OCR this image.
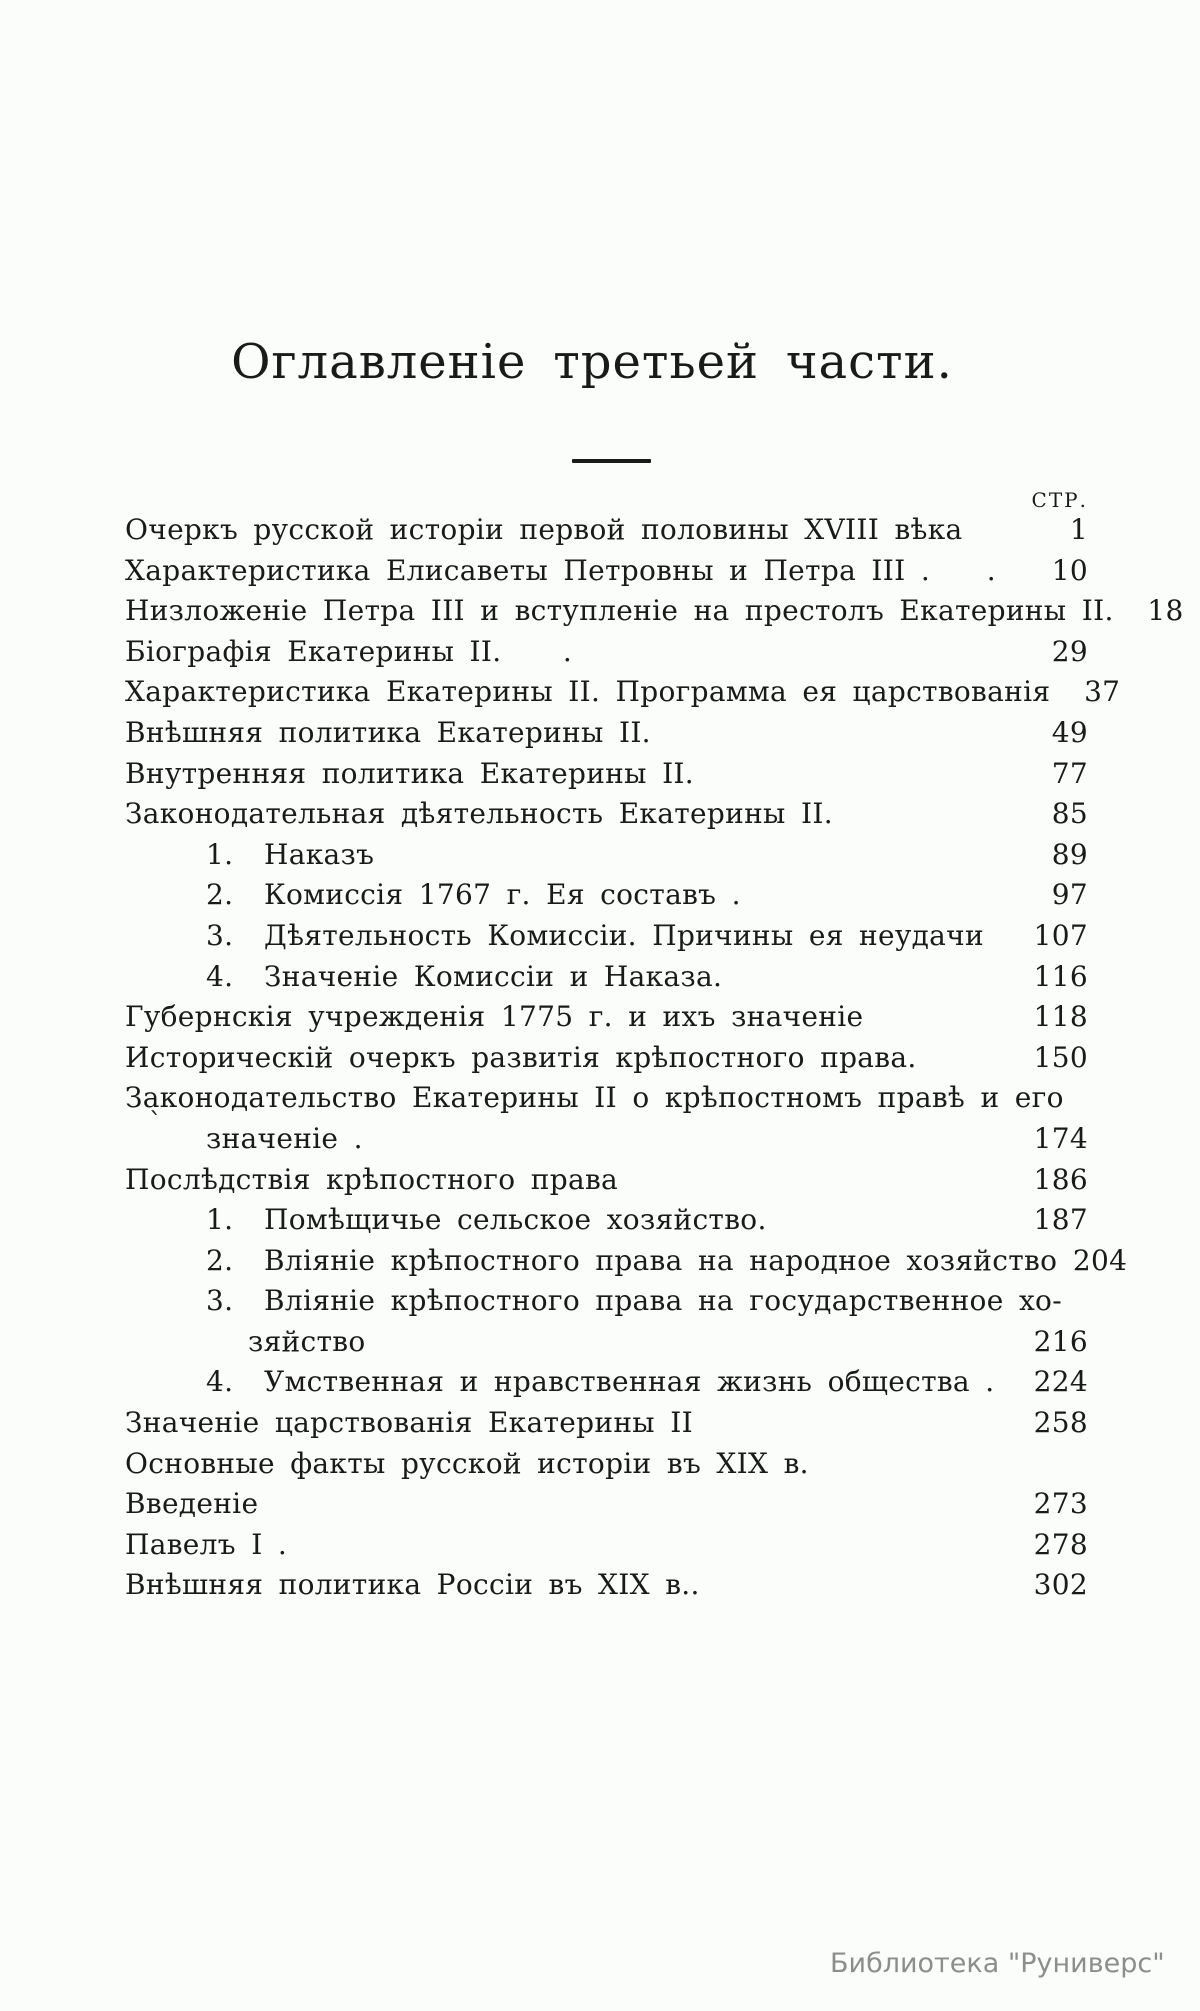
Оглавленіе третьей части.
СТР.
Очеркъ русской исторіи первой половины XVIII вѣка	1
Характеристика Елисаветы Петровны и Петра III . .	10
Низложеніе Петра III и вступленіе на престолъ Екатерины II.	18
Біографія Екатерины II.    .	29
Характеристика Екатерины II. Программа ея царствованія	37
Внѣшняя политика Екатерины II.	49
Внутренняя политика Екатерины II.	77
Законодательная дѣятельность Екатерины II.	85
1.  Наказъ	89
2.  Комиссія 1767 г. Ея составъ .	97
3.  Дѣятельность Комиссіи. Причины ея неудачи	107
4.  Значеніе Комиссіи и Наказа.	116
Губернскія учрежденія 1775 г. и ихъ значеніе	118
Историческій очеркъ развитія крѣпостного права.	150
Законодательство Екатерины II о крѣпостномъ правѣ и его
значеніе .	174
Послѣдствія крѣпостного права	186
1.  Помѣщичье сельское хозяйство.	187
2.  Вліяніе крѣпостного права на народное хозяйство 204
3.  Вліяніе крѣпостного права на государственное хо-
зяйство	216
4.  Умственная и нравственная жизнь общества .	224
Значеніе царствованія Екатерины II	258
Основные факты русской исторіи въ XIX в.
Введеніе	273
Павелъ I .	278
Внѣшняя политика Россіи въ XIX в..	302
ˋ
Библиотека "Руниверс"
